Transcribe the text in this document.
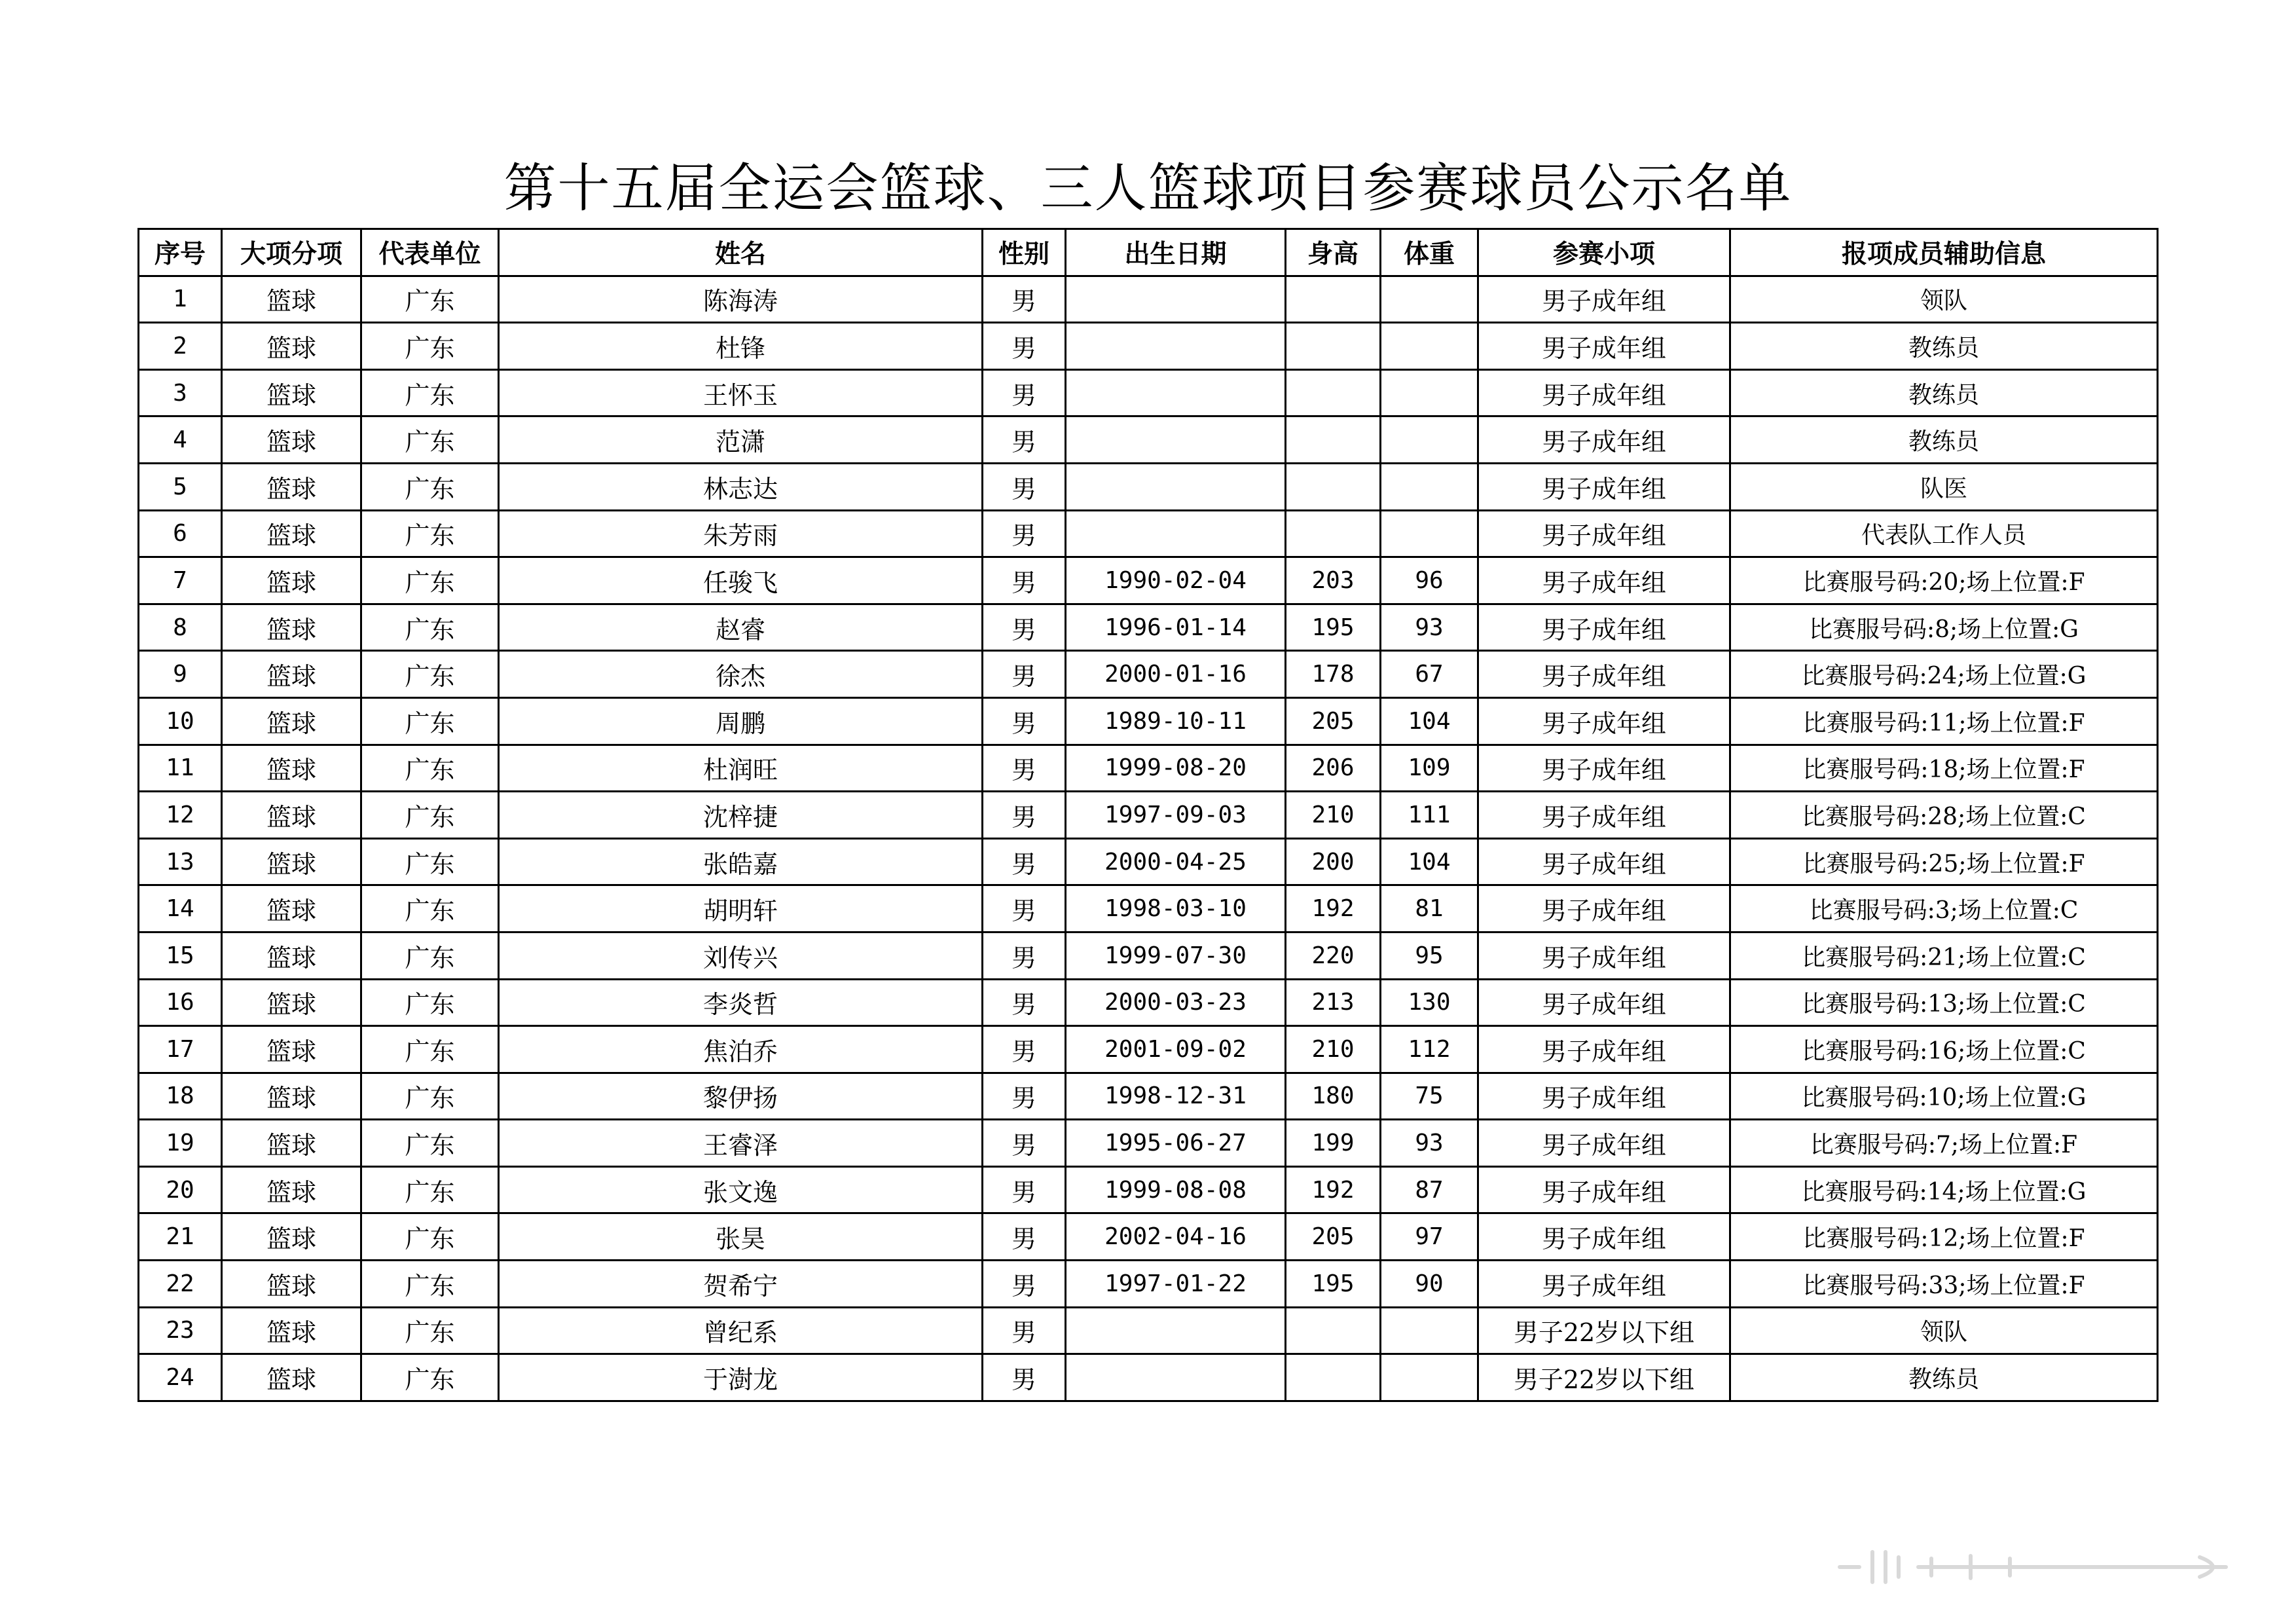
第十五届全运会篮球、三人篮球项目参赛球员公示名单
序号	大项分项	代表单位	姓名	性别	出生日期	身高	体重	参赛小项	报项成员辅助信息
1	篮球	广东	陈海涛	男				男子成年组	领队
2	篮球	广东	杜锋	男				男子成年组	教练员
3	篮球	广东	王怀玉	男				男子成年组	教练员
4	篮球	广东	范潇	男				男子成年组	教练员
5	篮球	广东	林志达	男				男子成年组	队医
6	篮球	广东	朱芳雨	男				男子成年组	代表队工作人员
7	篮球	广东	任骏飞	男	1990-02-04	203	96	男子成年组	比赛服号码:20;场上位置:F
8	篮球	广东	赵睿	男	1996-01-14	195	93	男子成年组	比赛服号码:8;场上位置:G
9	篮球	广东	徐杰	男	2000-01-16	178	67	男子成年组	比赛服号码:24;场上位置:G
10	篮球	广东	周鹏	男	1989-10-11	205	104	男子成年组	比赛服号码:11;场上位置:F
11	篮球	广东	杜润旺	男	1999-08-20	206	109	男子成年组	比赛服号码:18;场上位置:F
12	篮球	广东	沈梓捷	男	1997-09-03	210	111	男子成年组	比赛服号码:28;场上位置:C
13	篮球	广东	张皓嘉	男	2000-04-25	200	104	男子成年组	比赛服号码:25;场上位置:F
14	篮球	广东	胡明轩	男	1998-03-10	192	81	男子成年组	比赛服号码:3;场上位置:C
15	篮球	广东	刘传兴	男	1999-07-30	220	95	男子成年组	比赛服号码:21;场上位置:C
16	篮球	广东	李炎哲	男	2000-03-23	213	130	男子成年组	比赛服号码:13;场上位置:C
17	篮球	广东	焦泊乔	男	2001-09-02	210	112	男子成年组	比赛服号码:16;场上位置:C
18	篮球	广东	黎伊扬	男	1998-12-31	180	75	男子成年组	比赛服号码:10;场上位置:G
19	篮球	广东	王睿泽	男	1995-06-27	199	93	男子成年组	比赛服号码:7;场上位置:F
20	篮球	广东	张文逸	男	1999-08-08	192	87	男子成年组	比赛服号码:14;场上位置:G
21	篮球	广东	张昊	男	2002-04-16	205	97	男子成年组	比赛服号码:12;场上位置:F
22	篮球	广东	贺希宁	男	1997-01-22	195	90	男子成年组	比赛服号码:33;场上位置:F
23	篮球	广东	曾纪系	男				男子22岁以下组	领队
24	篮球	广东	于澍龙	男				男子22岁以下组	教练员
